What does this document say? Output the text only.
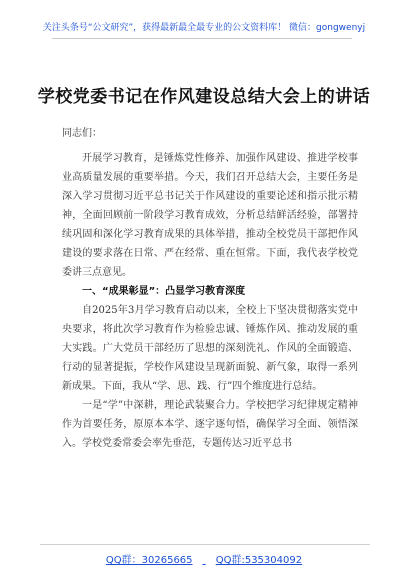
关注头条号“公文研究”，获得最新最全最专业的公文资料库！ 微信：gongwenyj
学校党委书记在作风建设总结大会上的讲话

同志们：

开展学习教育，是锤炼党性修养、加强作风建设、推进学校事业高质量发展的重要举措。今天，我们召开总结大会，主要任务是深入学习贯彻习近平总书记关于作风建设的重要论述和指示批示精神，全面回顾前一阶段学习教育成效，分析总结鲜活经验，部署持续巩固和深化学习教育成果的具体举措，推动全校党员干部把作风建设的要求落在日常、严在经常、重在恒常。下面，我代表学校党委讲三点意见。

一、“成果彰显”：凸显学习教育深度

自2025年3月学习教育启动以来，全校上下坚决贯彻落实党中央要求，将此次学习教育作为检验忠诚、锤炼作风、推动发展的重大实践。广大党员干部经历了思想的深刻洗礼、作风的全面锻造、行动的显著提振，学校作风建设呈现新面貌、新气象，取得一系列新成果。下面，我从“学、思、践、行”四个维度进行总结。

一是“学”中深耕，理论武装聚合力。学校把学习纪律规定精神作为首要任务，原原本本学、逐字逐句悟，确保学习全面、领悟深入。学校党委常委会率先垂范，专题传达习近平总书

QQ群：30265665 QQ群:535304092
